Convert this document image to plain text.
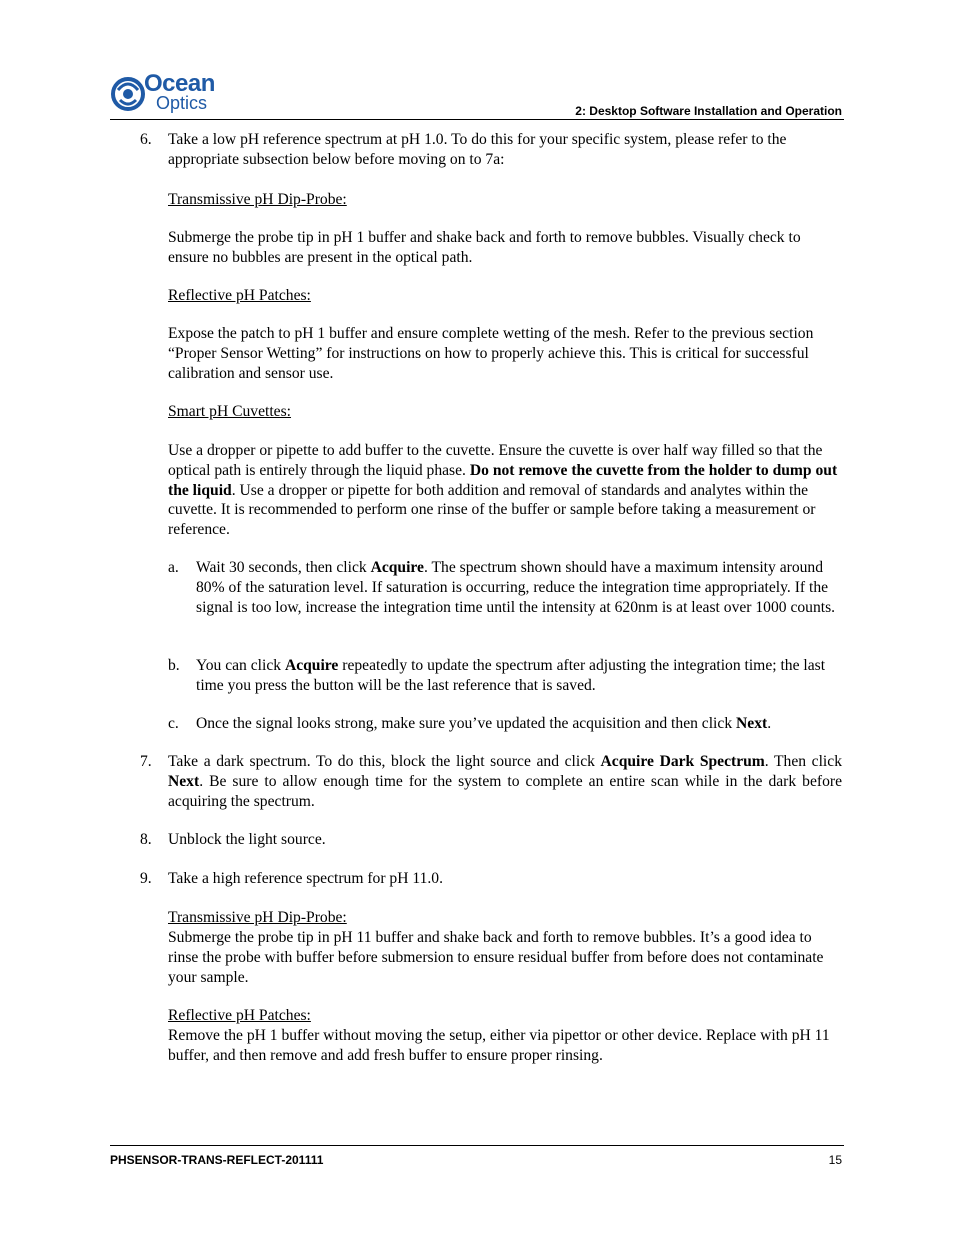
Ocean
Optics	2: Desktop Software Installation and Operation
6. Take a low pH reference spectrum at pH 1.0. To do this for your specific system, please refer to the appropriate subsection below before moving on to 7a:
Transmissive pH Dip-Probe:
Submerge the probe tip in pH 1 buffer and shake back and forth to remove bubbles. Visually check to ensure no bubbles are present in the optical path.
Reflective pH Patches:
Expose the patch to pH 1 buffer and ensure complete wetting of the mesh. Refer to the previous section “Proper Sensor Wetting” for instructions on how to properly achieve this. This is critical for successful calibration and sensor use.
Smart pH Cuvettes:
Use a dropper or pipette to add buffer to the cuvette. Ensure the cuvette is over half way filled so that the optical path is entirely through the liquid phase. Do not remove the cuvette from the holder to dump out the liquid. Use a dropper or pipette for both addition and removal of standards and analytes within the cuvette. It is recommended to perform one rinse of the buffer or sample before taking a measurement or reference.
a. Wait 30 seconds, then click Acquire. The spectrum shown should have a maximum intensity around 80% of the saturation level. If saturation is occurring, reduce the integration time appropriately. If the signal is too low, increase the integration time until the intensity at 620nm is at least over 1000 counts.
b. You can click Acquire repeatedly to update the spectrum after adjusting the integration time; the last time you press the button will be the last reference that is saved.
c. Once the signal looks strong, make sure you’ve updated the acquisition and then click Next.
7. Take a dark spectrum. To do this, block the light source and click Acquire Dark Spectrum. Then click Next. Be sure to allow enough time for the system to complete an entire scan while in the dark before acquiring the spectrum.
8. Unblock the light source.
9. Take a high reference spectrum for pH 11.0.
Transmissive pH Dip-Probe:
Submerge the probe tip in pH 11 buffer and shake back and forth to remove bubbles. It’s a good idea to rinse the probe with buffer before submersion to ensure residual buffer from before does not contaminate your sample.
Reflective pH Patches:
Remove the pH 1 buffer without moving the setup, either via pipettor or other device. Replace with pH 11 buffer, and then remove and add fresh buffer to ensure proper rinsing.
PHSENSOR-TRANS-REFLECT-201111	15
